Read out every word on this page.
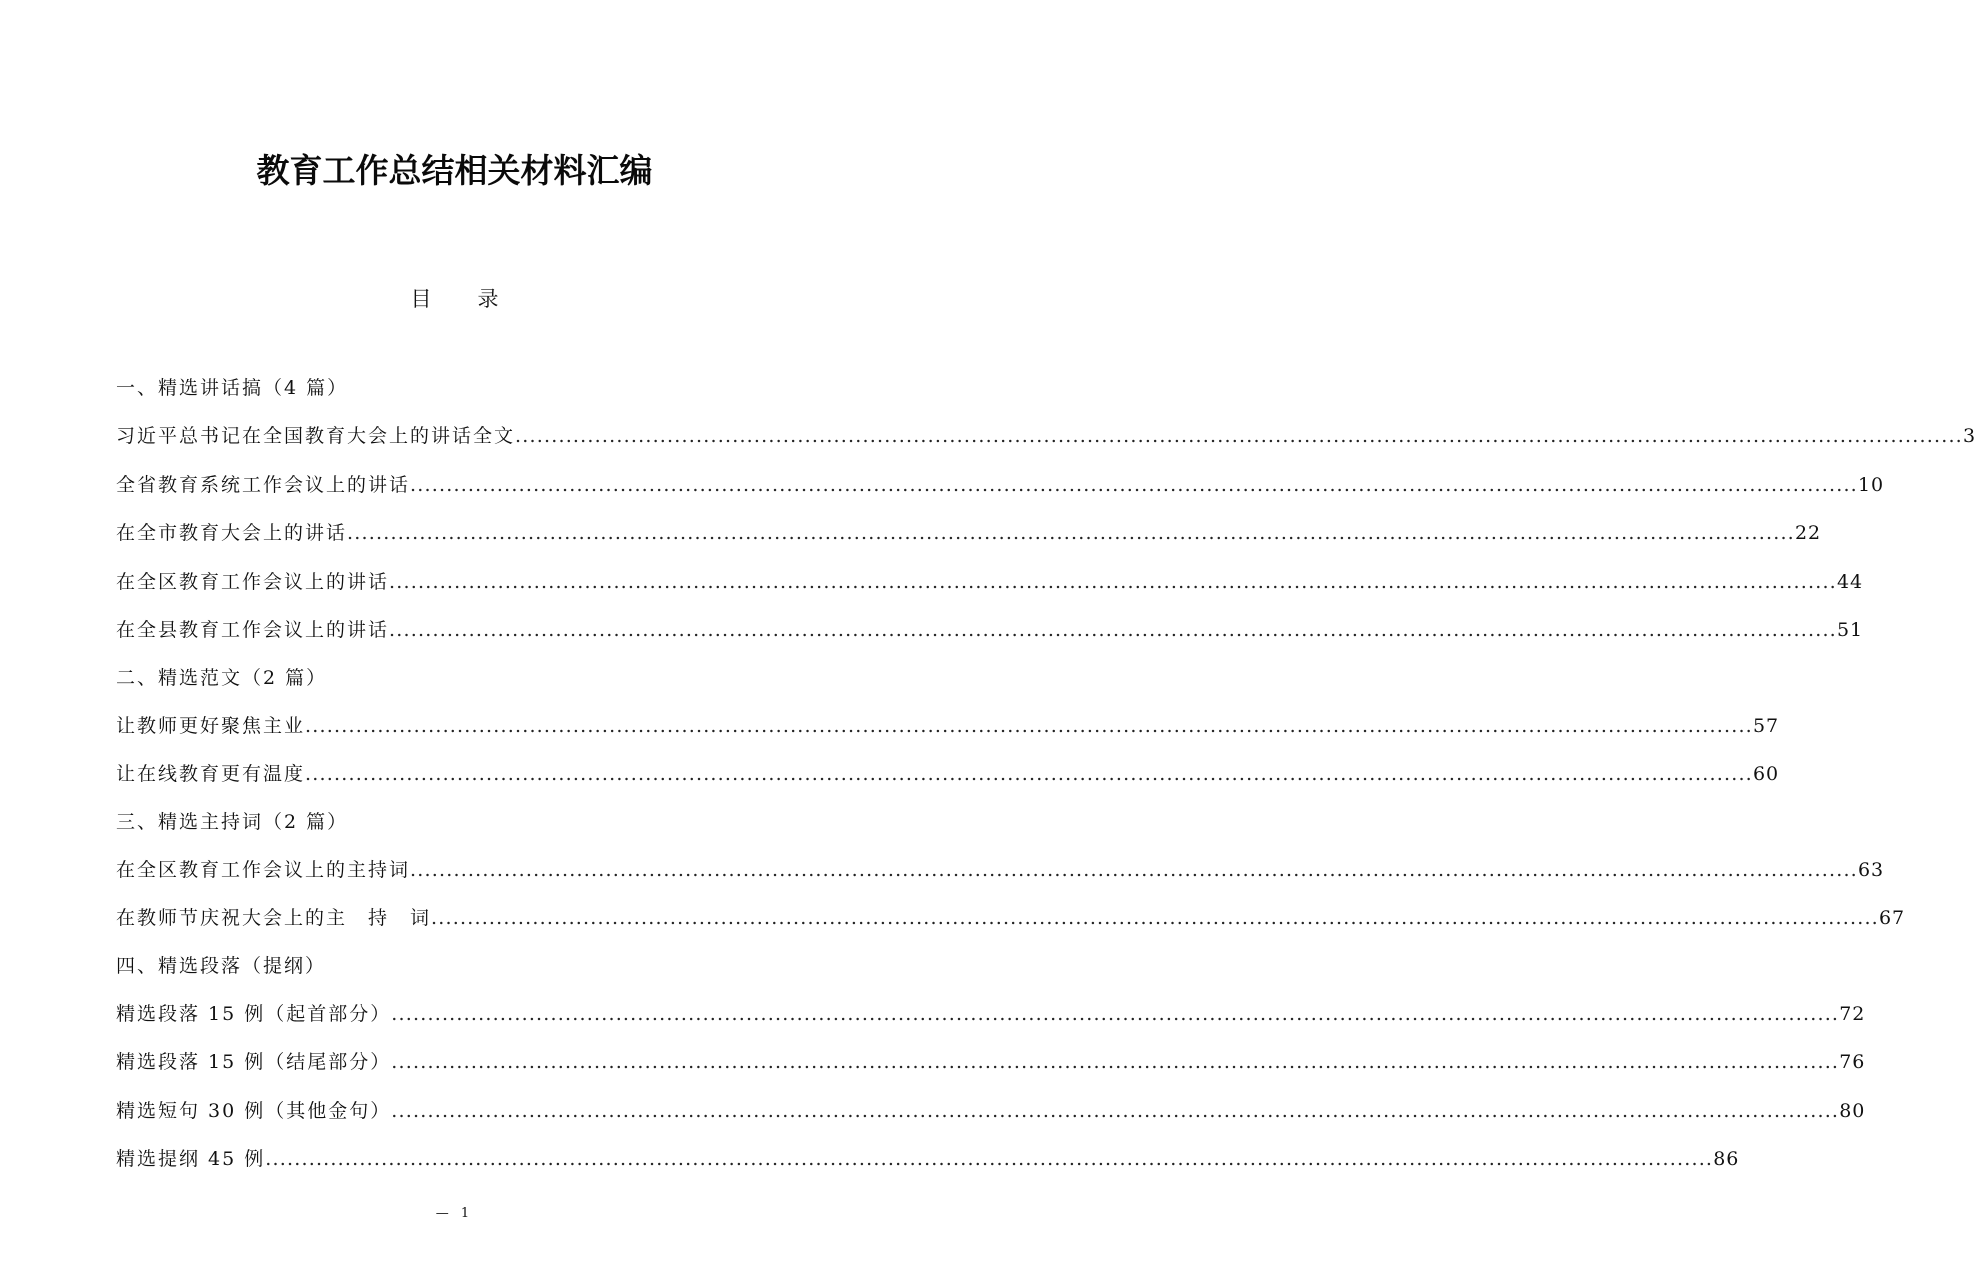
教育工作总结相关材料汇编
目 录
一、精选讲话搞（4 篇）
习近平总书记在全国教育大会上的讲话全文 ........................................................................................................................................................................................................ 3
全省教育系统工作会议上的讲话 ........................................................................................................................................................................................................ 10
在全市教育大会上的讲话 ........................................................................................................................................................................................................ 22
在全区教育工作会议上的讲话 ........................................................................................................................................................................................................ 44
在全县教育工作会议上的讲话 ........................................................................................................................................................................................................ 51
二、精选范文（2 篇）
让教师更好聚焦主业 ........................................................................................................................................................................................................ 57
让在线教育更有温度 ........................................................................................................................................................................................................ 60
三、精选主持词（2 篇）
在全区教育工作会议上的主持词 ........................................................................................................................................................................................................ 63
在教师节庆祝大会上的主　持　词 ........................................................................................................................................................................................................ 67
四、精选段落（提纲）
精选段落 15 例（起首部分） ........................................................................................................................................................................................................ 72
精选段落 15 例（结尾部分） ........................................................................................................................................................................................................ 76
精选短句 30 例（其他金句） ........................................................................................................................................................................................................ 80
精选提纲 45 例 ........................................................................................................................................................................................................ 86
— 1
